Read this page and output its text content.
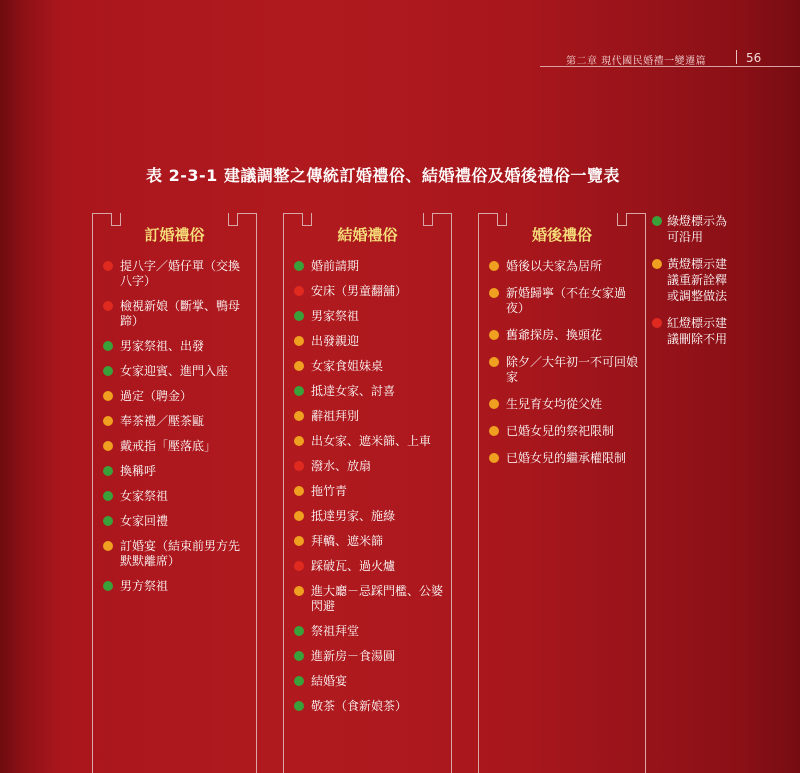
第二章 現代國民婚禮一變遷篇	56
表 2-3-1 建議調整之傳統訂婚禮俗、結婚禮俗及婚後禮俗一覽表
訂婚禮俗
提八字／婚仔單（交換八字）
檢視新娘（斷掌、鴨母蹄）
男家祭祖、出發
女家迎賓、進門入座
過定（聘金）
奉茶禮／壓茶甌
戴戒指「壓落底」
換稱呼
女家祭祖
女家回禮
訂婚宴（結束前男方先默默離席）
男方祭祖
結婚禮俗
婚前請期
安床（男童翻舖）
男家祭祖
出發親迎
女家食姐妹桌
抵達女家、討喜
辭祖拜別
出女家、遮米篩、上車
潑水、放扇
拖竹青
抵達男家、施綠
拜轎、遮米篩
踩破瓦、過火爐
進大廳－忌踩門檻、公婆閃避
祭祖拜堂
進新房－食湯圓
結婚宴
敬茶（食新娘茶）
婚後禮俗
婚後以夫家為居所
新婚歸寧（不在女家過夜）
舊爺探房、換頭花
除夕／大年初一不可回娘家
生兒育女均從父姓
已婚女兒的祭祀限制
已婚女兒的繼承權限制
綠燈標示為可沿用
黃燈標示建議重新詮釋或調整做法
紅燈標示建議刪除不用
